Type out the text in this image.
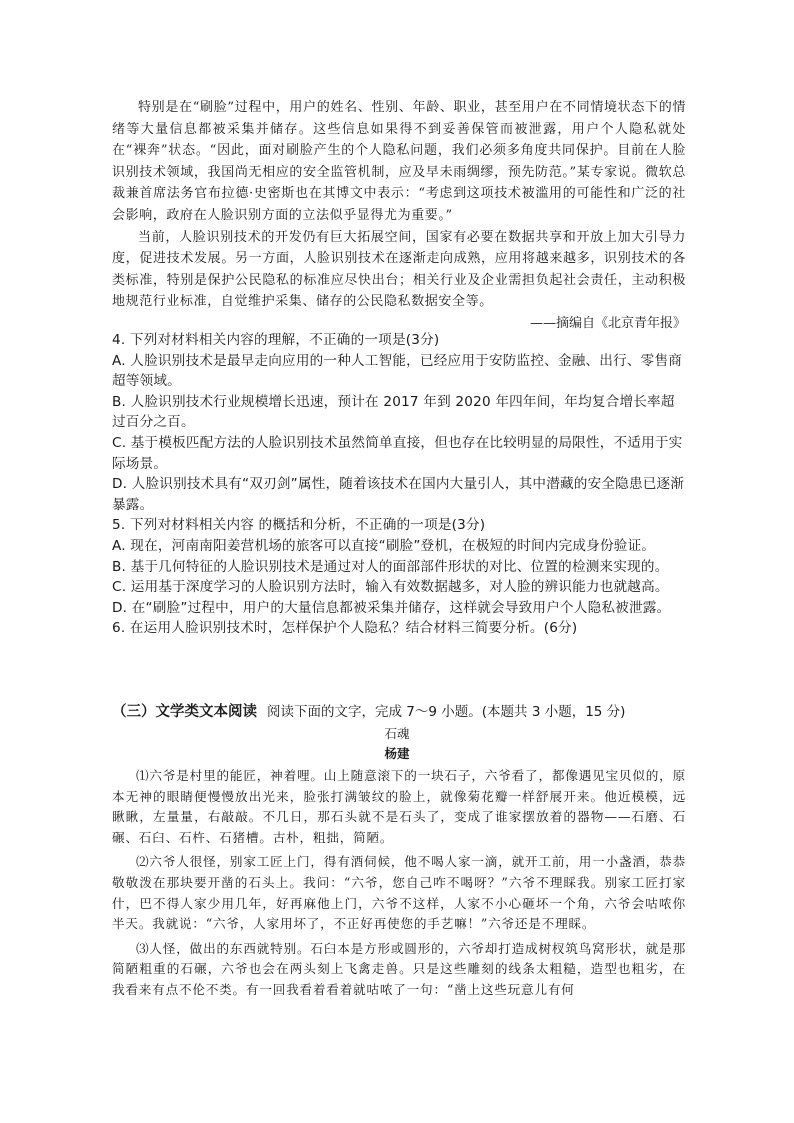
特别是在“刷脸”过程中，用户的姓名、性别、年龄、职业，甚至用户在不同情境状态下的情绪等大量信息都被采集并储存。这些信息如果得不到妥善保管而被泄露，用户个人隐私就处在“裸奔”状态。“因此，面对刷脸产生的个人隐私问题，我们必须多角度共同保护。目前在人脸识别技术领域，我国尚无相应的安全监管机制，应及早未雨绸缪，预先防范。”某专家说。微软总裁兼首席法务官布拉德·史密斯也在其博文中表示：“考虑到这项技术被滥用的可能性和广泛的社会影响，政府在人脸识别方面的立法似乎显得尤为重要。”

当前，人脸识别技术的开发仍有巨大拓展空间，国家有必要在数据共享和开放上加大引导力度，促进技术发展。另一方面，人脸识别技术在逐渐走向成熟，应用将越来越多，识别技术的各类标准，特别是保护公民隐私的标准应尽快出台；相关行业及企业需担负起社会责任，主动积极地规范行业标准，自觉维护采集、储存的公民隐私数据安全等。

——摘编自《北京青年报》

4. 下列对材料相关内容的理解，不正确的一项是(3分)

A. 人脸识别技术是最早走向应用的一种人工智能，已经应用于安防监控、金融、出行、零售商超等领域。

B. 人脸识别技术行业规模增长迅速，预计在 2017 年到 2020 年四年间，年均复合增长率超过百分之百。

C. 基于模板匹配方法的人脸识别技术虽然简单直接，但也存在比较明显的局限性，不适用于实际场景。

D. 人脸识别技术具有“双刃剑”属性，随着该技术在国内大量引人，其中潜藏的安全隐患已逐渐暴露。

5. 下列对材料相关内容 的概括和分析，不正确的一项是(3分)

A. 现在，河南南阳姜营机场的旅客可以直接“刷脸”登机，在极短的时间内完成身份验证。

B. 基于几何特征的人脸识别技术是通过对人的面部部件形状的对比、位置的检测来实现的。

C. 运用基于深度学习的人脸识别方法时，输入有效数据越多，对人脸的辨识能力也就越高。

D. 在“刷脸”过程中，用户的大量信息都被采集并储存，这样就会导致用户个人隐私被泄露。

6. 在运用人脸识别技术时，怎样保护个人隐私？结合材料三简要分析。(6分)

（三）文学类文本阅读 阅读下面的文字，完成 7～9 小题。(本题共 3 小题，15 分)
石魂
杨建

⑴六爷是村里的能匠，神着哩。山上随意滚下的一块石子，六爷看了，都像遇见宝贝似的，原本无神的眼睛便慢慢放出光来，脸张打满皱纹的脸上，就像菊花瓣一样舒展开来。他近模模，远瞅瞅，左量量，右敲敲。不几日，那石头就不是石头了，变成了谁家摆放着的器物——石磨、石碾、石臼、石杵、石猪槽。古朴，粗拙，简陋。

⑵六爷人很怪，别家工匠上门，得有酒伺候，他不喝人家一滴，就开工前，用一小盏酒，恭恭敬敬泼在那块要开凿的石头上。我问：“六爷，您自己咋不喝呀？”六爷不理睬我。别家工匠打家什，巴不得人家少用几年，好再麻他上门，六爷不这样，人家不小心砸坏一个角，六爷会咕哝你半天。我就说：“六爷，人家用坏了，不正好再使您的手艺嘛！”六爷还是不理睬。

⑶人怪，做出的东西就特别。石臼本是方形或圆形的，六爷却打造成树杈筑鸟窝形状，就是那简陋粗重的石碾，六爷也会在两头刻上飞禽走兽。只是这些雕刻的线条太粗糙，造型也粗劣，在我看来有点不伦不类。有一回我看着看着就咕哝了一句：“凿上这些玩意儿有何
